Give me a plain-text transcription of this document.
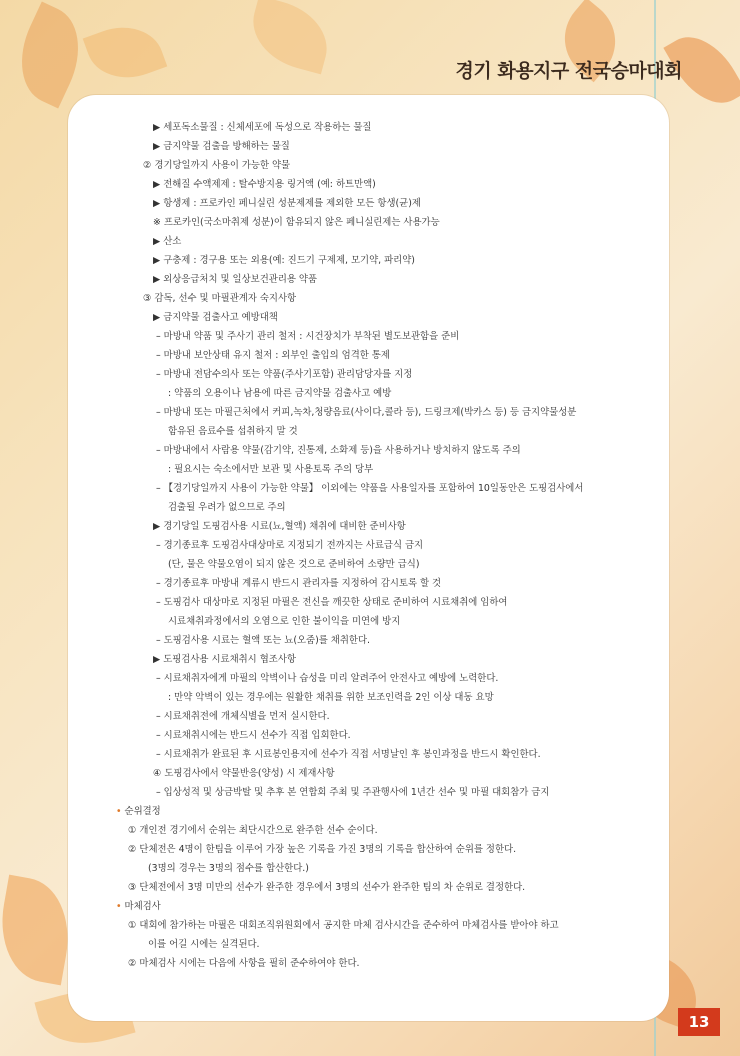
경기 화용지구 전국승마대회
▶ 세포독소물질 : 신체세포에 독성으로 작용하는 물질
▶ 금지약물 검출을 방해하는 물질
② 경기당일까지 사용이 가능한 약물
▶ 전해질 수액제제 : 탈수방지용 링거액 (예: 하트만액)
▶ 항생제 : 프로카인 페니실린 성분제제를 제외한 모든 항생(균)제
※ 프로카인(국소마취제 성분)이 함유되지 않은 페니실린제는 사용가능
▶ 산소
▶ 구충제 : 경구용 또는 외용(예: 진드기 구제제, 모기약, 파리약)
▶ 외상응급처치 및 일상보건관리용 약품
③ 감독, 선수 및 마필관계자 숙지사항
▶ 금지약물 검출사고 예방대책
– 마방내 약품 및 주사기 관리 철저 : 시건장치가 부착된 별도보관함을 준비
– 마방내 보안상태 유지 철저 : 외부인 출입의 엄격한 통제
– 마방내 전담수의사 또는 약품(주사기포함) 관리담당자를 지정
: 약품의 오용이나 남용에 따른 금지약물 검출사고 예방
– 마방내 또는 마필근처에서 커피,녹차,청량음료(사이다,콜라 등), 드링크제(박카스 등) 등 금지약물성분
함유된 음료수를 섭취하지 말 것
– 마방내에서 사람용 약물(감기약, 진통제, 소화제 등)을 사용하거나 방치하지 않도록 주의
: 필요시는 숙소에서만 보관 및 사용토록 주의 당부
– 【경기당일까지 사용이 가능한 약물】 이외에는 약품을 사용일자를 포함하여 10일동안은 도핑검사에서
검출될 우려가 없으므로 주의
▶ 경기당일 도핑검사용 시료(뇨,혈액) 채취에 대비한 준비사항
– 경기종료후 도핑검사대상마로 지정되기 전까지는 사료급식 금지
(단, 물은 약물오염이 되지 않은 것으로 준비하여 소량만 급식)
– 경기종료후 마방내 계류시 반드시 관리자를 지정하여 감시토록 할 것
– 도핑검사 대상마로 지정된 마필은 전신을 깨끗한 상태로 준비하여 시료채취에 임하여
시료채취과정에서의 오염으로 인한 불이익을 미연에 방지
– 도핑검사용 시료는 혈액 또는 뇨(오줌)를 채취한다.
▶ 도핑검사용 시료채취시 협조사항
– 시료채취자에게 마필의 악벽이나 습성을 미리 알려주어 안전사고 예방에 노력한다.
: 만약 악벽이 있는 경우에는 원활한 채취를 위한 보조인력을 2인 이상 대동 요망
– 시료채취전에 개체식별을 먼저 실시한다.
– 시료채취시에는 반드시 선수가 직접 입회한다.
– 시료채취가 완료된 후 시료봉인용지에 선수가 직접 서명날인 후 봉인과정을 반드시 확인한다.
④ 도핑검사에서 약물반응(양성) 시 제재사항
– 입상성적 및 상금박탈 및 추후 본 연합회 주최 및 주관행사에 1년간 선수 및 마필 대회참가 금지
• 순위결정
① 개인전 경기에서 순위는 최단시간으로 완주한 선수 순이다.
② 단체전은 4명이 한팀을 이루어 가장 높은 기록을 가진 3명의 기록을 합산하여 순위를 정한다.
(3명의 경우는 3명의 점수를 합산한다.)
③ 단체전에서 3명 미만의 선수가 완주한 경우에서 3명의 선수가 완주한 팀의 차 순위로 결정한다.
• 마체검사
① 대회에 참가하는 마필은 대회조직위원회에서 공지한 마체 검사시간을 준수하여 마체검사를 받아야 하고
이를 어길 시에는 실격된다.
② 마체검사 시에는 다음에 사항을 필히 준수하여야 한다.
13
